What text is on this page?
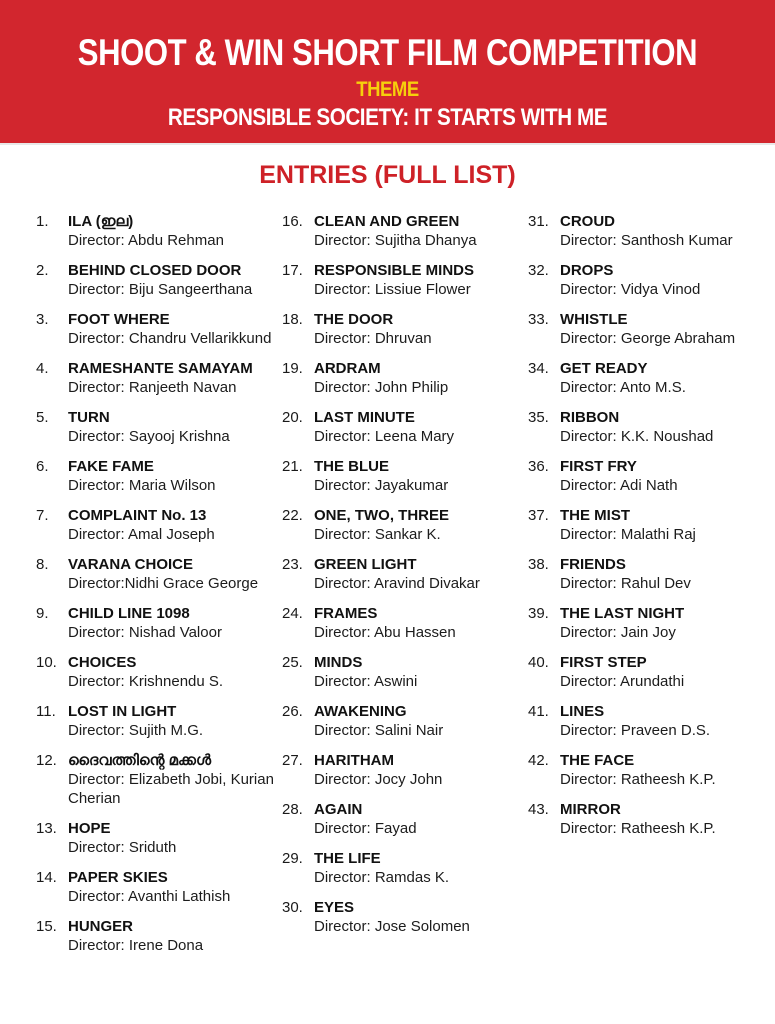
SHOOT & WIN SHORT FILM COMPETITION
THEME
RESPONSIBLE SOCIETY: IT STARTS WITH ME
ENTRIES (FULL LIST)
1.	ILA (ഇല)
Director: Abdu Rehman
2.	BEHIND CLOSED DOOR
Director: Biju Sangeerthana
3.	FOOT WHERE
Director: Chandru Vellarikkund
4.	RAMESHANTE SAMAYAM
Director: Ranjeeth Navan
5.	TURN
Director: Sayooj Krishna
6.	FAKE FAME
Director: Maria Wilson
7.	COMPLAINT No. 13
Director: Amal Joseph
8.	VARANA CHOICE
Director:Nidhi Grace George
9.	CHILD LINE 1098
Director: Nishad Valoor
10. CHOICES
Director: Krishnendu S.
11. LOST IN LIGHT
Director: Sujith M.G.
12. ദൈവത്തിന്റെ മക്കൾ
Director: Elizabeth Jobi, Kurian Cherian
13. HOPE
Director: Sriduth
14. PAPER SKIES
Director: Avanthi Lathish
15. HUNGER
Director: Irene Dona
16. CLEAN AND GREEN
Director: Sujitha Dhanya
17. RESPONSIBLE MINDS
Director: Lissiue Flower
18. THE DOOR
Director: Dhruvan
19. ARDRAM
Director: John Philip
20. LAST MINUTE
Director: Leena Mary
21. THE BLUE
Director: Jayakumar
22. ONE, TWO, THREE
Director: Sankar K.
23. GREEN LIGHT
Director: Aravind Divakar
24. FRAMES
Director: Abu Hassen
25. MINDS
Director: Aswini
26. AWAKENING
Director: Salini Nair
27. HARITHAM
Director: Jocy John
28. AGAIN
Director: Fayad
29. THE LIFE
Director: Ramdas K.
30. EYES
Director: Jose Solomen
31. CROUD
Director: Santhosh Kumar
32. DROPS
Director: Vidya Vinod
33. WHISTLE
Director: George Abraham
34. GET READY
Director: Anto M.S.
35. RIBBON
Director: K.K. Noushad
36. FIRST FRY
Director: Adi Nath
37. THE MIST
Director: Malathi Raj
38. FRIENDS
Director: Rahul Dev
39. THE LAST NIGHT
Director: Jain Joy
40. FIRST STEP
Director: Arundathi
41. LINES
Director: Praveen D.S.
42. THE FACE
Director: Ratheesh K.P.
43. MIRROR
Director: Ratheesh K.P.
